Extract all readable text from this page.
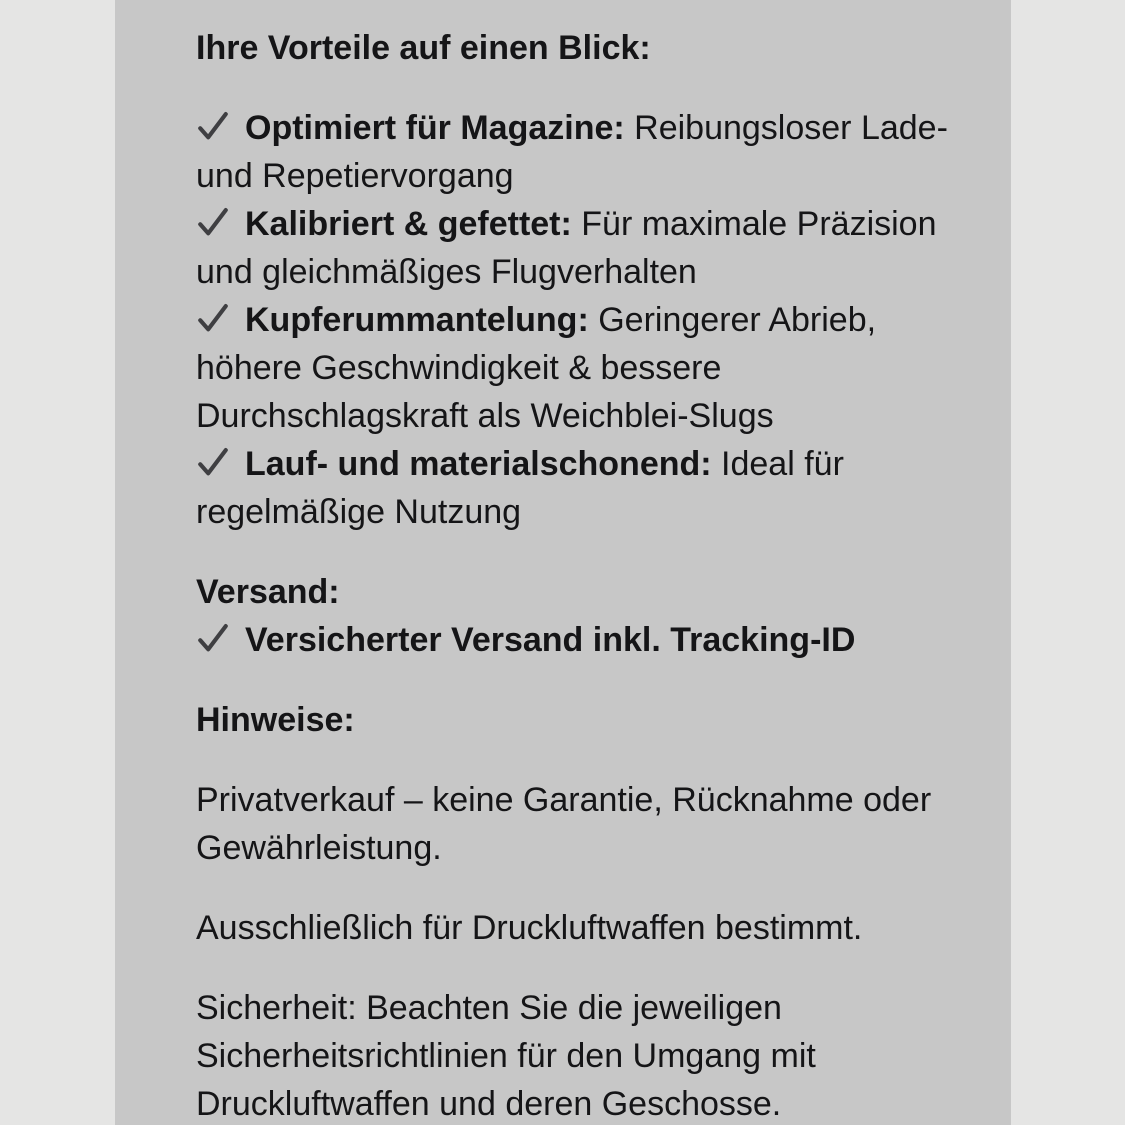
Ihre Vorteile auf einen Blick:

Optimiert für Magazine: Reibungsloser Lade- und Repetiervorgang

Kalibriert & gefettet: Für maximale Präzision und gleichmäßiges Flugverhalten

Kupferummantelung: Geringerer Abrieb, höhere Geschwindigkeit & bessere Durchschlagskraft als Weichblei-Slugs

Lauf- und materialschonend: Ideal für regelmäßige Nutzung

Versand:

Versicherter Versand inkl. Tracking-ID

Hinweise:

Privatverkauf – keine Garantie, Rücknahme oder Gewährleistung.

Ausschließlich für Druckluftwaffen bestimmt.

Sicherheit: Beachten Sie die jeweiligen Sicherheitsrichtlinien für den Umgang mit Druckluftwaffen und deren Geschosse.
